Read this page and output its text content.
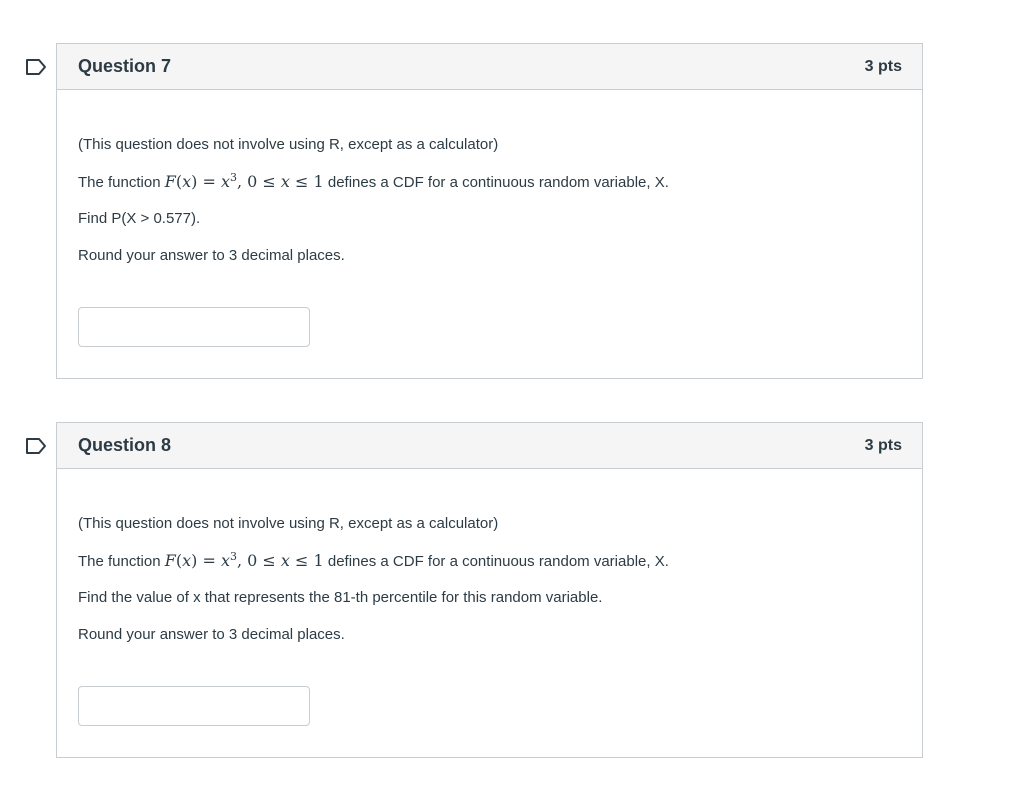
Question 7	3 pts
(This question does not involve using R, except as a calculator)
The function $F(x) = x^3$, 0 ≤ x ≤ 1 defines a CDF for a continuous random variable, X.
Find P(X > 0.577).
Round your answer to 3 decimal places.
Question 8	3 pts
(This question does not involve using R, except as a calculator)
The function $F(x) = x^3$, 0 ≤ x ≤ 1 defines a CDF for a continuous random variable, X.
Find the value of x that represents the 81-th percentile for this random variable.
Round your answer to 3 decimal places.
